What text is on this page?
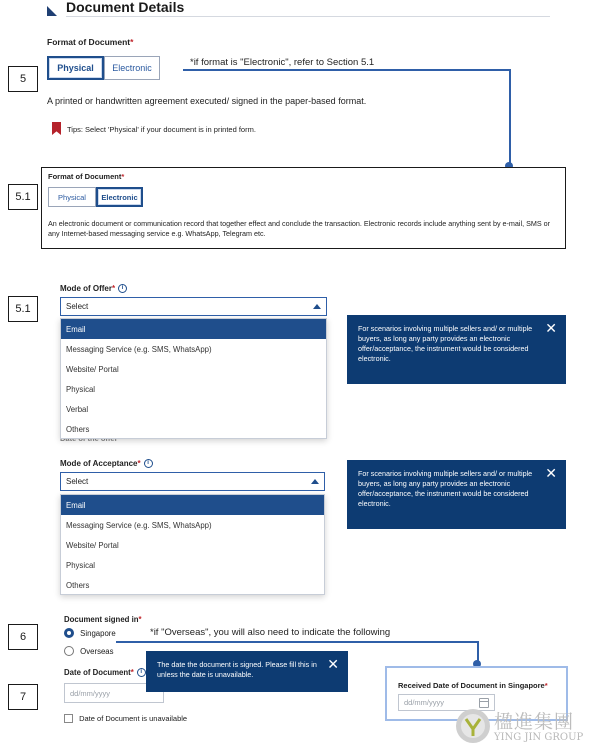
Document Details
Format of Document*
Physical	Electronic
5
*if format is "Electronic", refer to Section 5.1
A printed or handwritten agreement executed/ signed in the paper-based format.
Tips: Select 'Physical' if your document is in printed form.
5.1
Format of Document*
Physical	Electronic
An electronic document or communication record that together effect and conclude the transaction. Electronic records include anything sent by e-mail, SMS or any Internet-based messaging service e.g. WhatsApp, Telegram etc.
5.1
Mode of Offer* i
Select
Email
Messaging Service (e.g. SMS, WhatsApp)
Website/ Portal
Physical
Verbal
Others
For scenarios involving multiple sellers and/ or multiple buyers, as long any party provides an electronic offer/acceptance, the instrument would be considered electronic.
✕
Mode of Acceptance* i
Select
Email
Messaging Service (e.g. SMS, WhatsApp)
Website/ Portal
Physical
Others
For scenarios involving multiple sellers and/ or multiple buyers, as long any party provides an electronic offer/acceptance, the instrument would be considered electronic.
✕
6
Document signed in*
Singapore
Overseas
*if "Overseas", you will also need to indicate the following
7
Date of Document* i
dd/mm/yyyy
Date of Document is unavailable
The date the document is signed. Please fill this in unless the date is unavailable.
✕
Received Date of Document in Singapore*
dd/mm/yyyy
楹進集團
YING JIN GROUP
